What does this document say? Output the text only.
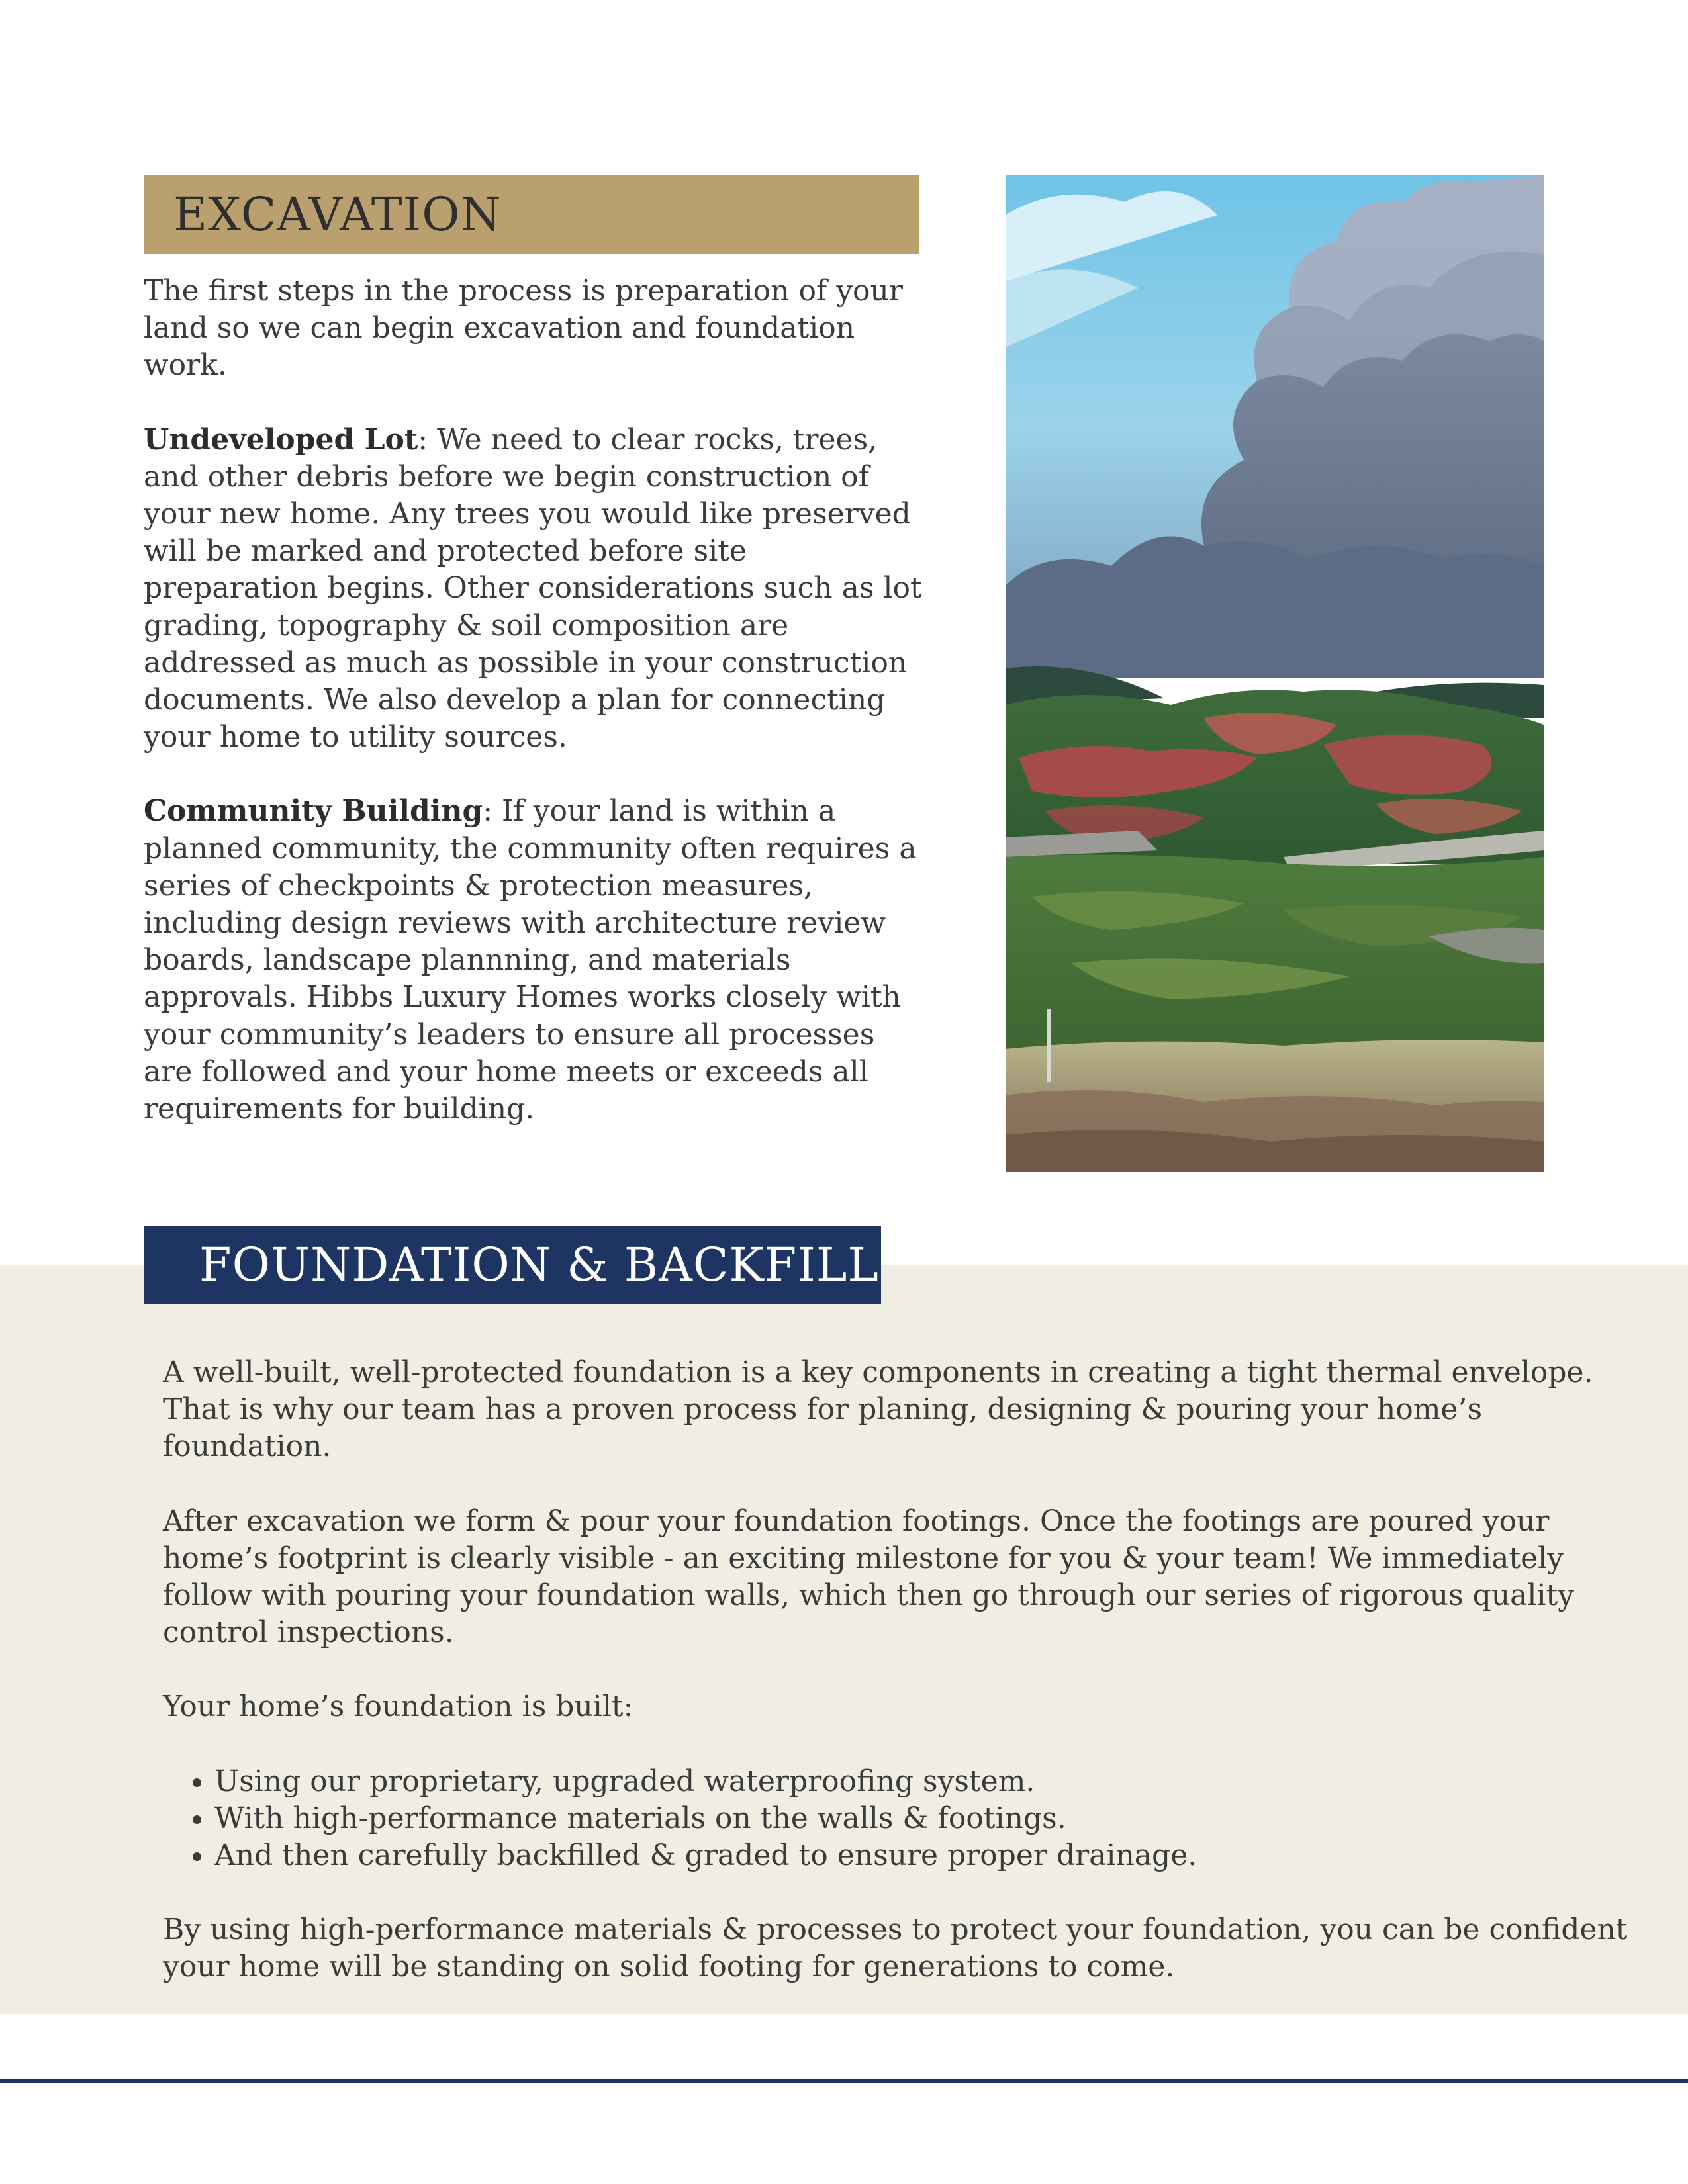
EXCAVATION

The first steps in the process is preparation of your land so we can begin excavation and foundation work.

Undeveloped Lot: We need to clear rocks, trees, and other debris before we begin construction of your new home. Any trees you would like preserved will be marked and protected before site preparation begins. Other considerations such as lot grading, topography & soil composition are addressed as much as possible in your construction documents. We also develop a plan for connecting your home to utility sources.

Community Building: If your land is within a planned community, the community often requires a series of checkpoints & protection measures, including design reviews with architecture review boards, landscape plannning, and materials approvals. Hibbs Luxury Homes works closely with your community’s leaders to ensure all processes are followed and your home meets or exceeds all requirements for building.

FOUNDATION & BACKFILL

A well-built, well-protected foundation is a key components in creating a tight thermal envelope. That is why our team has a proven process for planing, designing & pouring your home’s foundation.

After excavation we form & pour your foundation footings. Once the footings are poured your home’s footprint is clearly visible - an exciting milestone for you & your team! We immediately follow with pouring your foundation walls, which then go through our series of rigorous quality control inspections.

Your home’s foundation is built:

• Using our proprietary, upgraded waterproofing system.
• With high-performance materials on the walls & footings.
• And then carefully backfilled & graded to ensure proper drainage.

By using high-performance materials & processes to protect your foundation, you can be confident your home will be standing on solid footing for generations to come.
